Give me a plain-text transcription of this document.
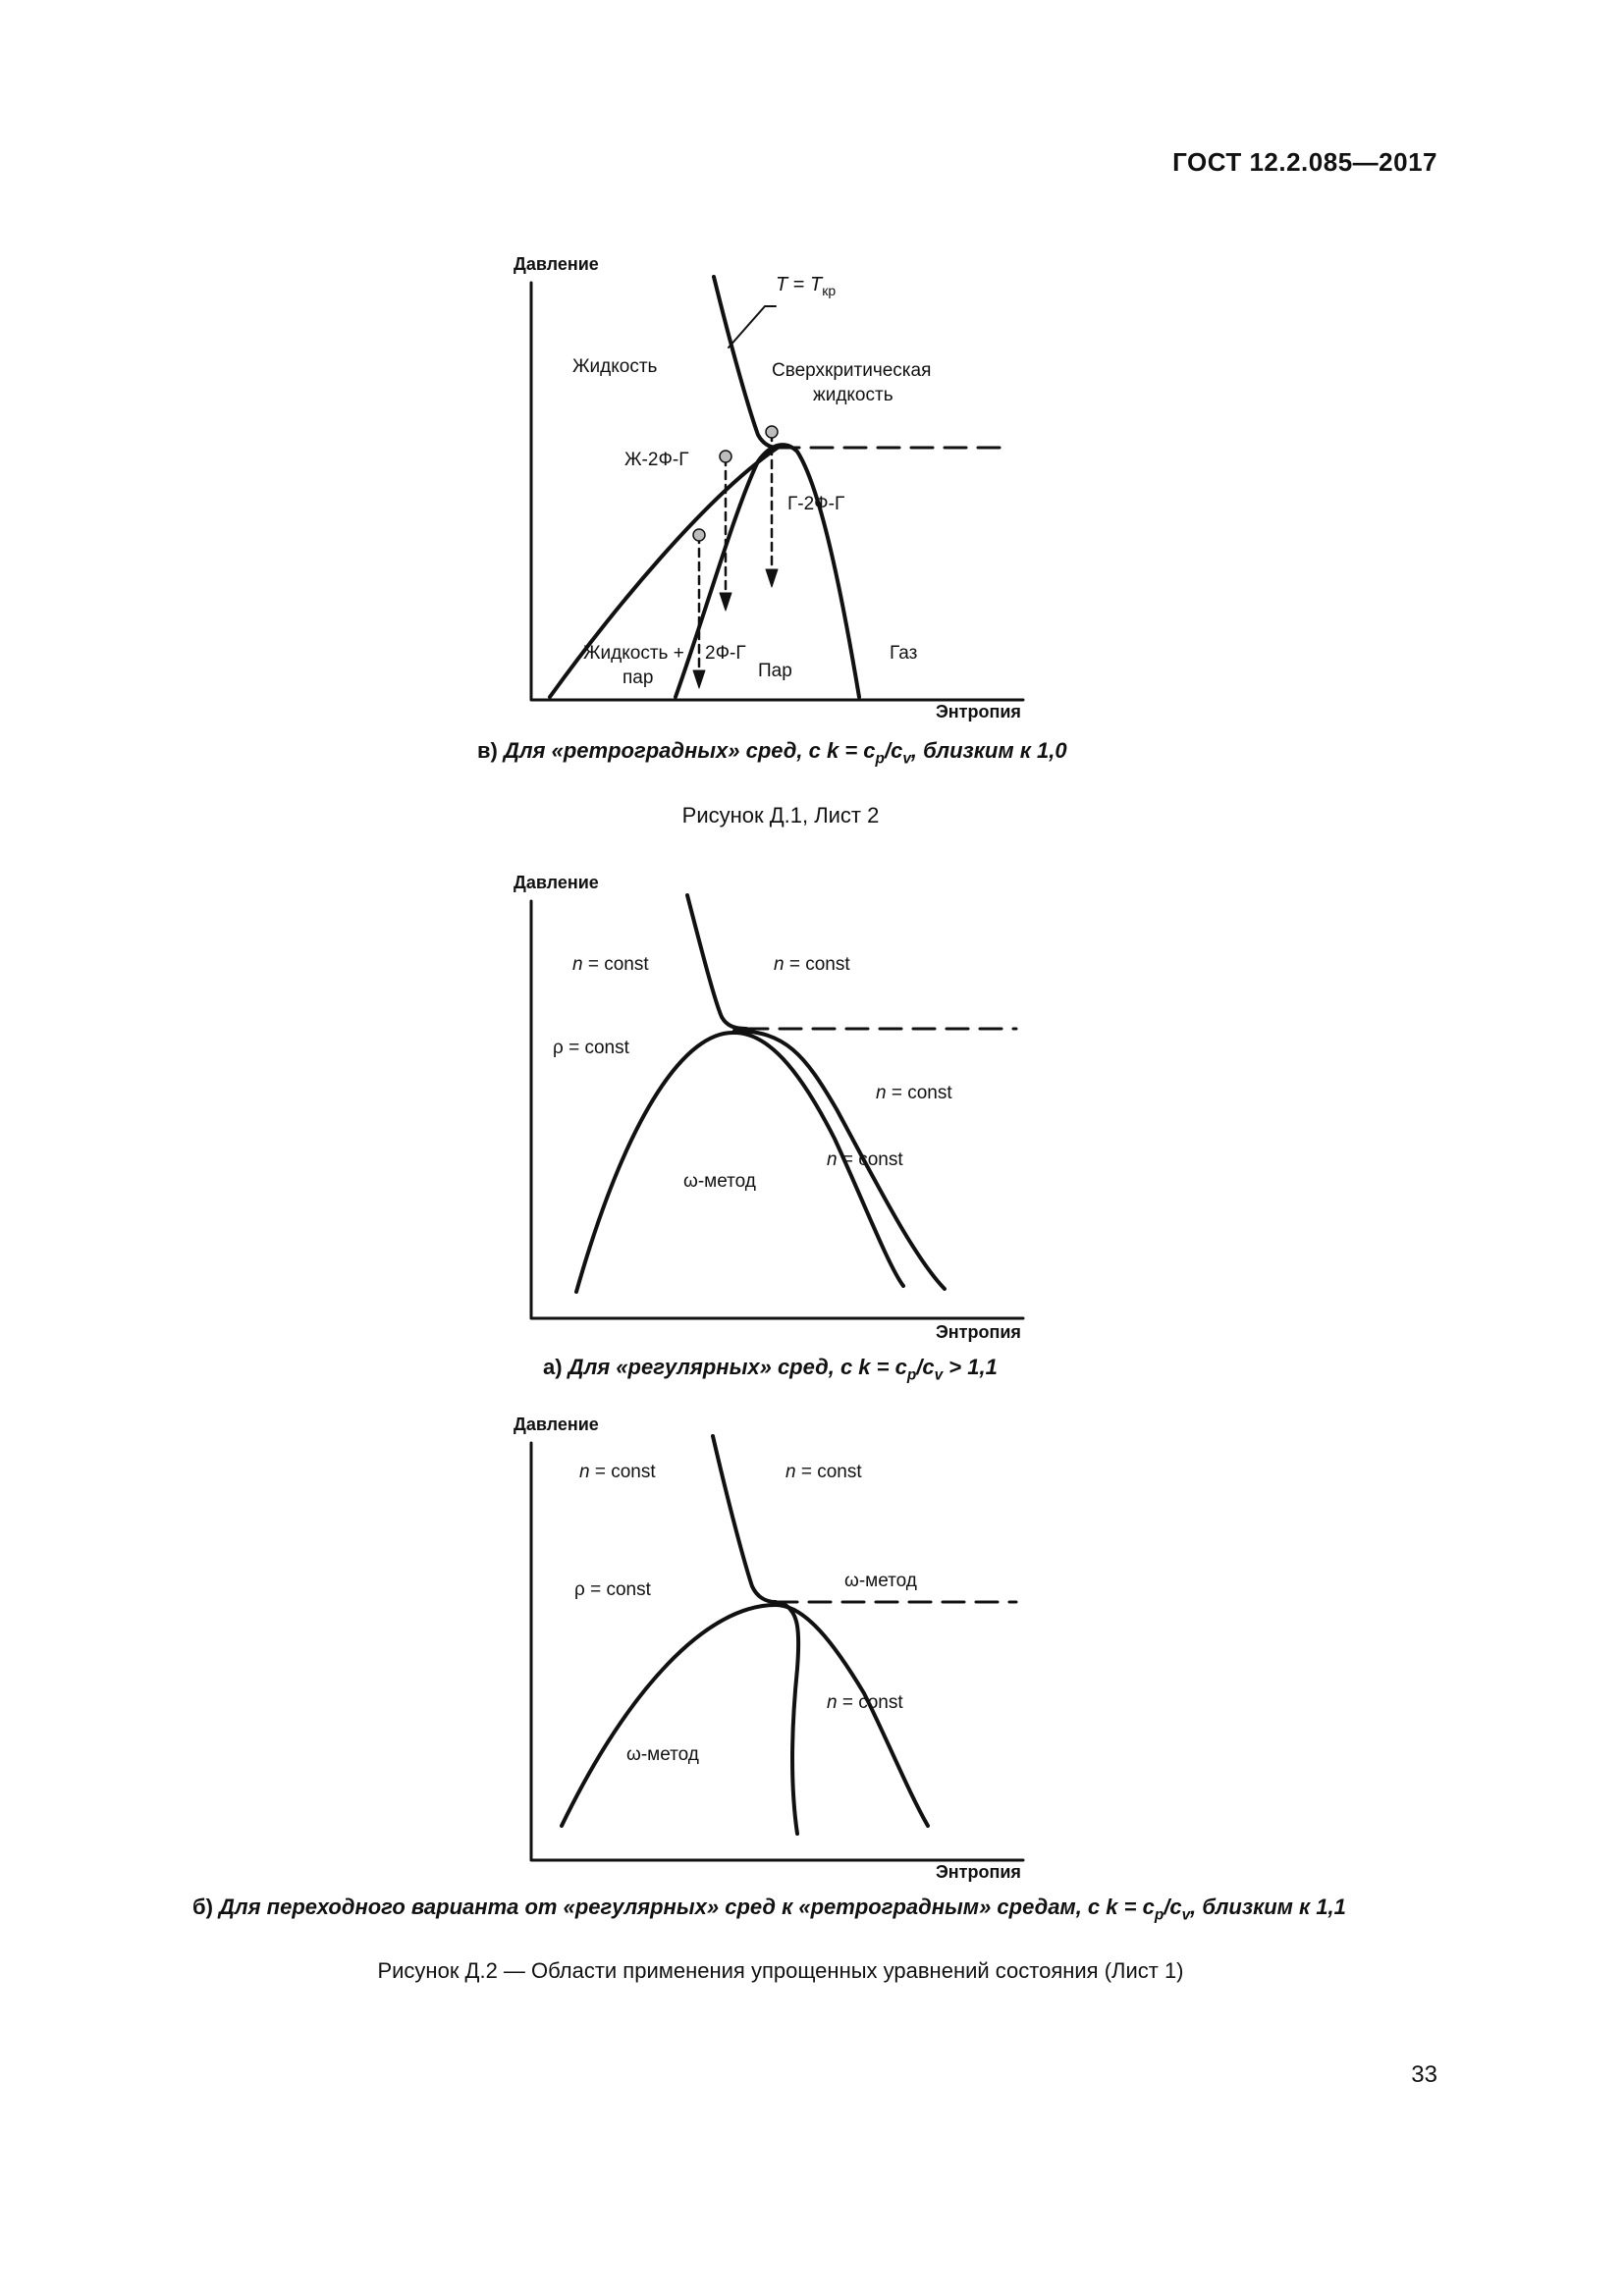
ГОСТ 12.2.085—2017
Давление
Энтропия
$T = T_{кр}$
Жидкость	Сверхкритическая
жидкость
Ж-2Ф-Г
Г-2Ф-Г
Жидкость +
пар
2Ф-Г
Пар
Газ
в) Для «ретроградных» сред, с $k = c_p/c_v$, близким к 1,0
Рисунок Д.1, Лист 2
Давление
Энтропия
n = const	n = const
ρ = const
n = const
n = const
ω-метод
а) Для «регулярных» сред, с $k = c_p/c_v > 1,1$
Давление
Энтропия
n = const	n = const
ρ = const	ω-метод
n = const
ω-метод
б) Для переходного варианта от «регулярных» сред к «ретроградным» средам, с $k = c_p/c_v$, близким к 1,1
Рисунок Д.2 — Области применения упрощенных уравнений состояния (Лист 1)
33
